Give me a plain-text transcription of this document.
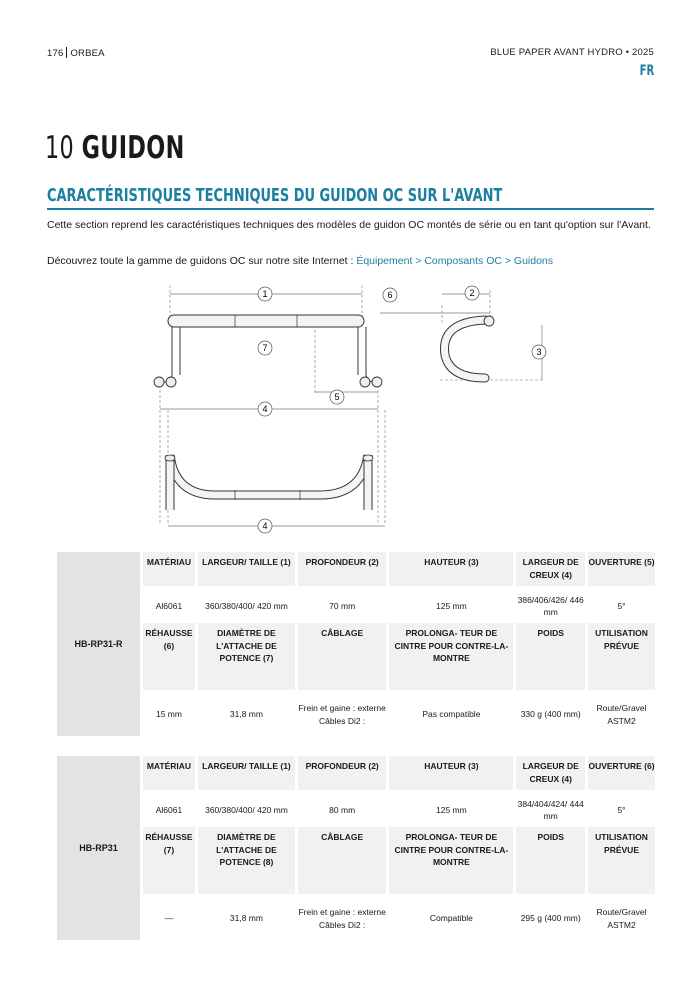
176 ORBEA	BLUE PAPER AVANT HYDRO • 2025
FR
10 GUIDON
CARACTÉRISTIQUES TECHNIQUES DU GUIDON OC SUR L'AVANT
Cette section reprend les caractéristiques techniques des modèles de guidon OC montés de série ou en tant qu'option sur l'Avant.
Découvrez toute la gamme de guidons OC sur notre site Internet : Équipement > Composants OC > Guidons
1	2
3
4
5
6
7
4
HB-RP31-R	MATÉRIAU	LARGEUR/ TAILLE (1)	PROFONDEUR (2)	HAUTEUR (3)	LARGEUR DE CREUX (4)	OUVERTURE (5)
	Al6061	360/380/400/ 420 mm	70 mm	125 mm	386/406/426/ 446 mm	5°
	RÉHAUSSE (6)	DIAMÈTRE DE L'ATTACHE DE POTENCE (7)	CÂBLAGE	PROLONGA- TEUR DE CINTRE POUR CONTRE-LA- MONTRE	POIDS	UTILISATION PRÉVUE
	15 mm	31,8 mm	Frein et gaine : externe Câbles Di2 :	Pas compatible	330 g (400 mm)	Route/Gravel ASTM2
HB-RP31	MATÉRIAU	LARGEUR/ TAILLE (1)	PROFONDEUR (2)	HAUTEUR (3)	LARGEUR DE CREUX (4)	OUVERTURE (6)
	Al6061	360/380/400/ 420 mm	80 mm	125 mm	384/404/424/ 444 mm	5°
	RÉHAUSSE (7)	DIAMÈTRE DE L'ATTACHE DE POTENCE (8)	CÂBLAGE	PROLONGA- TEUR DE CINTRE POUR CONTRE-LA- MONTRE	POIDS	UTILISATION PRÉVUE
	—	31,8 mm	Frein et gaine : externe Câbles Di2 :	Compatible	295 g (400 mm)	Route/Gravel ASTM2
